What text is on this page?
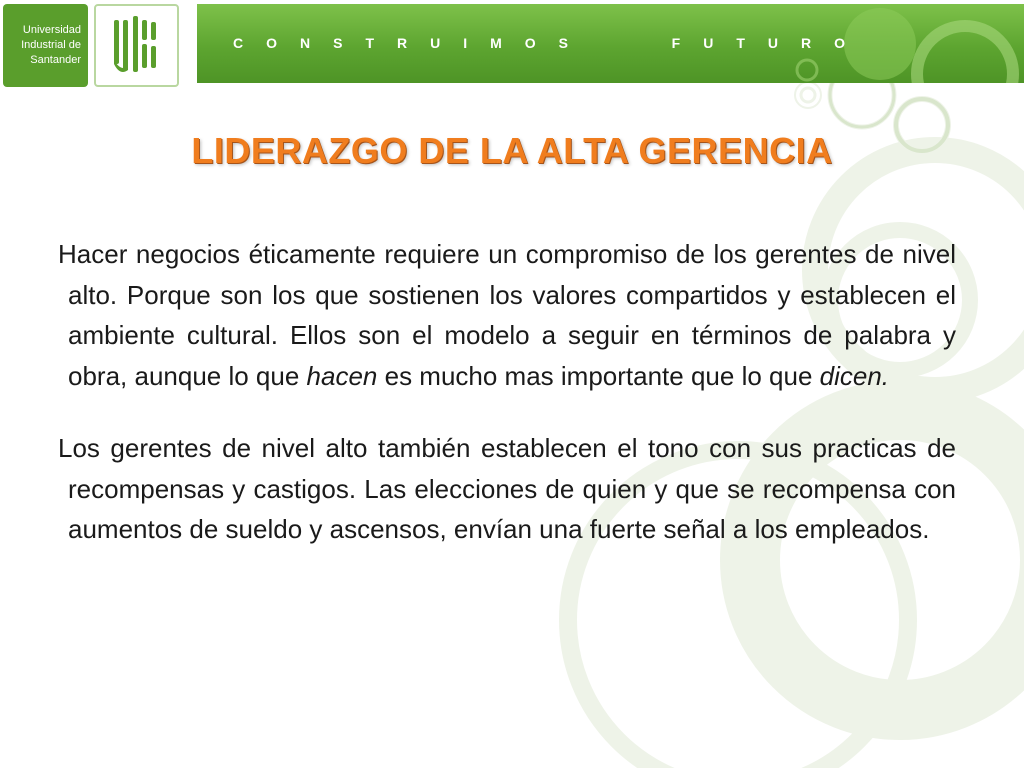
Universidad
Industrial de
Santander
CONSTRUIMOS   FUTURO
LIDERAZGO DE LA ALTA GERENCIA

Hacer negocios éticamente requiere un compromiso de los gerentes de nivel alto. Porque son los que sostienen los valores compartidos y establecen el ambiente cultural. Ellos son el modelo a seguir en términos de palabra y obra, aunque lo que hacen es mucho mas importante que lo que dicen.

Los gerentes de nivel alto también establecen el tono con sus practicas de recompensas y castigos. Las elecciones de quien y que se recompensa con aumentos de sueldo y ascensos, envían una fuerte señal a los empleados.
